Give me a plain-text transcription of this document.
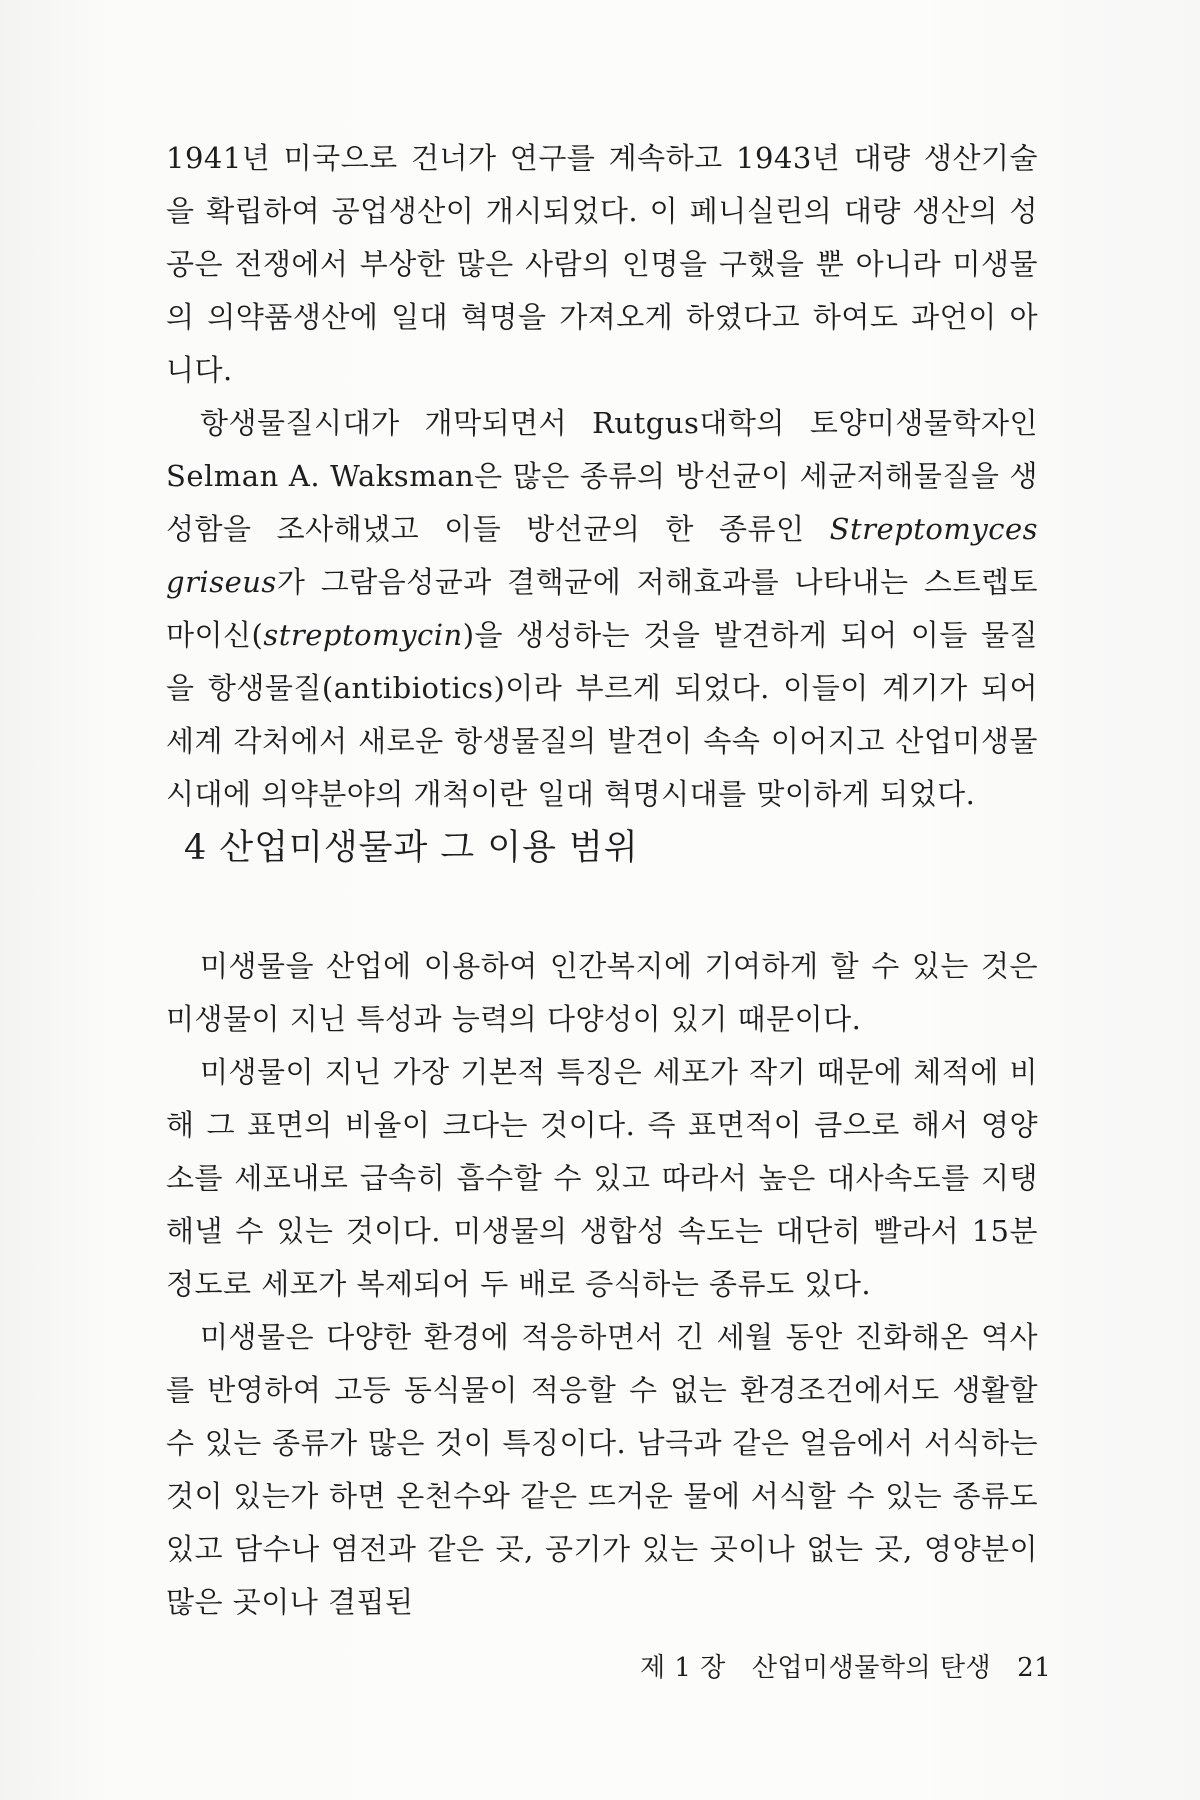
1941년 미국으로 건너가 연구를 계속하고 1943년 대량 생산기술을 확립하여 공업생산이 개시되었다. 이 페니실린의 대량 생산의 성공은 전쟁에서 부상한 많은 사람의 인명을 구했을 뿐 아니라 미생물의 의약품생산에 일대 혁명을 가져오게 하였다고 하여도 과언이 아니다.

항생물질시대가 개막되면서 Rutgus대학의 토양미생물학자인 Selman A. Waksman은 많은 종류의 방선균이 세균저해물질을 생성함을 조사해냈고 이들 방선균의 한 종류인 Streptomyces griseus가 그람음성균과 결핵균에 저해효과를 나타내는 스트렙토마이신(streptomycin)을 생성하는 것을 발견하게 되어 이들 물질을 항생물질(antibiotics)이라 부르게 되었다. 이들이 계기가 되어 세계 각처에서 새로운 항생물질의 발견이 속속 이어지고 산업미생물시대에 의약분야의 개척이란 일대 혁명시대를 맞이하게 되었다.

4 산업미생물과 그 이용 범위

미생물을 산업에 이용하여 인간복지에 기여하게 할 수 있는 것은 미생물이 지닌 특성과 능력의 다양성이 있기 때문이다.

미생물이 지닌 가장 기본적 특징은 세포가 작기 때문에 체적에 비해 그 표면의 비율이 크다는 것이다. 즉 표면적이 큼으로 해서 영양소를 세포내로 급속히 흡수할 수 있고 따라서 높은 대사속도를 지탱해낼 수 있는 것이다. 미생물의 생합성 속도는 대단히 빨라서 15분 정도로 세포가 복제되어 두 배로 증식하는 종류도 있다.

미생물은 다양한 환경에 적응하면서 긴 세월 동안 진화해온 역사를 반영하여 고등 동식물이 적응할 수 없는 환경조건에서도 생활할 수 있는 종류가 많은 것이 특징이다. 남극과 같은 얼음에서 서식하는 것이 있는가 하면 온천수와 같은 뜨거운 물에 서식할 수 있는 종류도 있고 담수나 염전과 같은 곳, 공기가 있는 곳이나 없는 곳, 영양분이 많은 곳이나 결핍된

제 1 장 산업미생물학의 탄생 21
